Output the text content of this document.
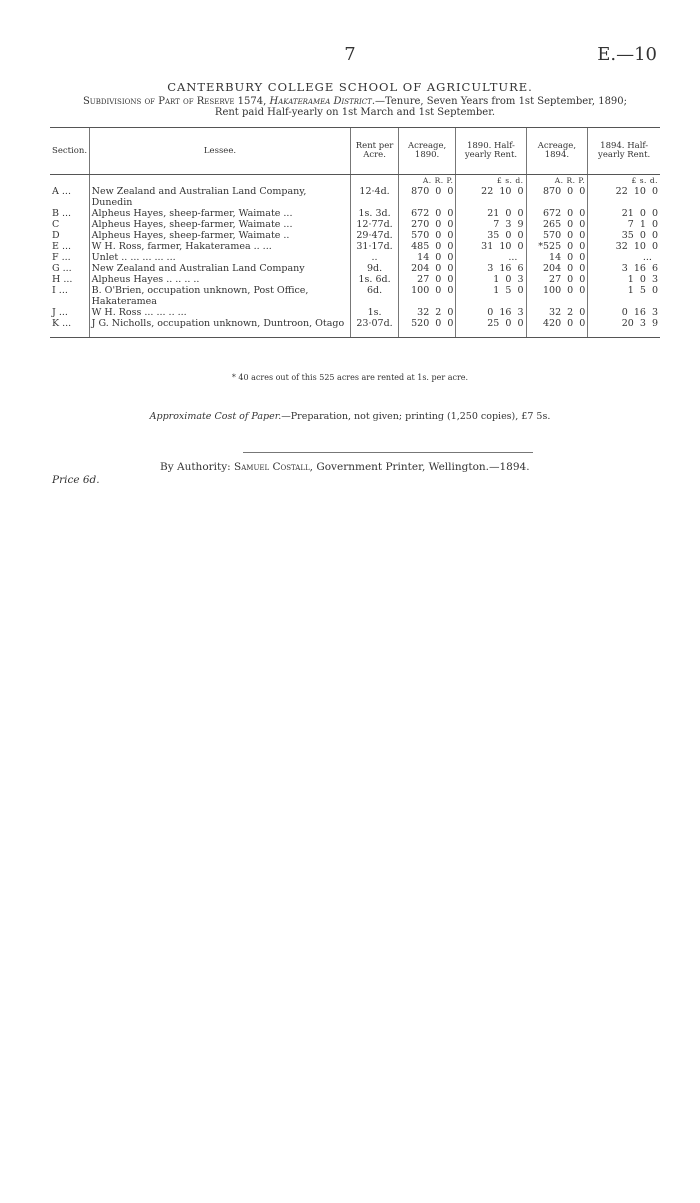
7	E.—10
CANTERBURY COLLEGE SCHOOL OF AGRICULTURE.
Subdivisions of Part of Reserve 1574, Hakateramea District.—Tenure, Seven Years from 1st September, 1890;
Rent paid Half-yearly on 1st March and 1st September.
Section.	Lessee.	Rent per Acre.	Acreage, 1890.	1890. Half-yearly Rent.	Acreage, 1894.	1894. Half-yearly Rent.
			A. R. P.	£ s. d.	A. R. P.	£ s. d.
A ...	New Zealand and Australian Land Company, Dunedin	12·4d.	870 0 0	22 10 0	870 0 0	22 10 0
B ...	Alpheus Hayes, sheep-farmer, Waimate ...	1s. 3d.	672 0 0	21 0 0	672 0 0	21 0 0
C	Alpheus Hayes, sheep-farmer, Waimate ...	12·77d.	270 0 0	7 3 9	265 0 0	7 1 0
D	Alpheus Hayes, sheep-farmer, Waimate ..	29·47d.	570 0 0	35 0 0	570 0 0	35 0 0
E ...	W H. Ross, farmer, Hakateramea .. ...	31·17d.	485 0 0	31 10 0	*525 0 0	32 10 0
F ...	Unlet .. ... ... ... ...	..	14 0 0	...	14 0 0	...
G ...	New Zealand and Australian Land Company	9d.	204 0 0	3 16 6	204 0 0	3 16 6
H ...	Alpheus Hayes .. .. .. ..	1s. 6d.	27 0 0	1 0 3	27 0 0	1 0 3
I ...	B. O'Brien, occupation unknown, Post Office, Hakateramea	6d.	100 0 0	1 5 0	100 0 0	1 5 0
J ...	W H. Ross ... ... .. ...	1s.	32 2 0	0 16 3	32 2 0	0 16 3
K ...	J G. Nicholls, occupation unknown, Duntroon, Otago	23·07d.	520 0 0	25 0 0	420 0 0	20 3 9

* 40 acres out of this 525 acres are rented at 1s. per acre.
Approximate Cost of Paper.—Preparation, not given; printing (1,250 copies), £7 5s.
By Authority: Samuel Costall, Government Printer, Wellington.—1894.
Price 6d.
